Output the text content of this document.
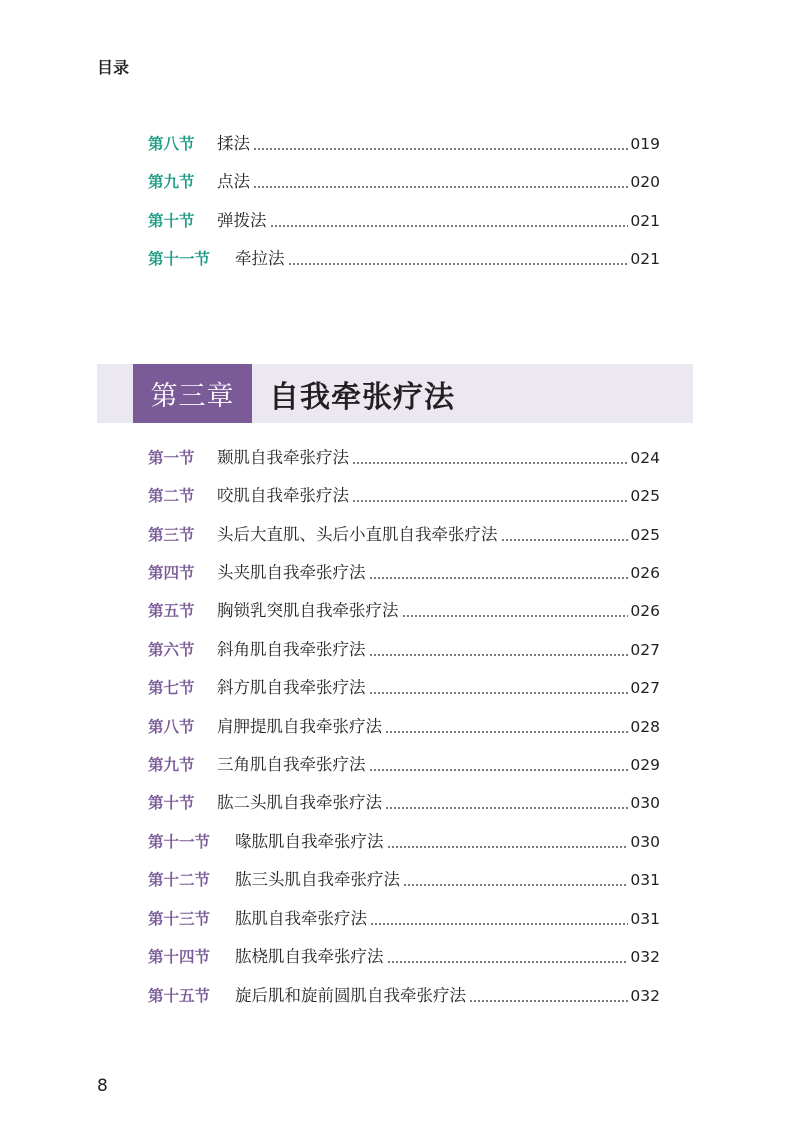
目录
第八节	揉法	019
第九节	点法	020
第十节	弹拨法	021
第十一节	牵拉法	021
第三章	自我牵张疗法
第一节	颞肌自我牵张疗法	024
第二节	咬肌自我牵张疗法	025
第三节	头后大直肌、头后小直肌自我牵张疗法	025
第四节	头夹肌自我牵张疗法	026
第五节	胸锁乳突肌自我牵张疗法	026
第六节	斜角肌自我牵张疗法	027
第七节	斜方肌自我牵张疗法	027
第八节	肩胛提肌自我牵张疗法	028
第九节	三角肌自我牵张疗法	029
第十节	肱二头肌自我牵张疗法	030
第十一节	喙肱肌自我牵张疗法	030
第十二节	肱三头肌自我牵张疗法	031
第十三节	肱肌自我牵张疗法	031
第十四节	肱桡肌自我牵张疗法	032
第十五节	旋后肌和旋前圆肌自我牵张疗法	032
8
